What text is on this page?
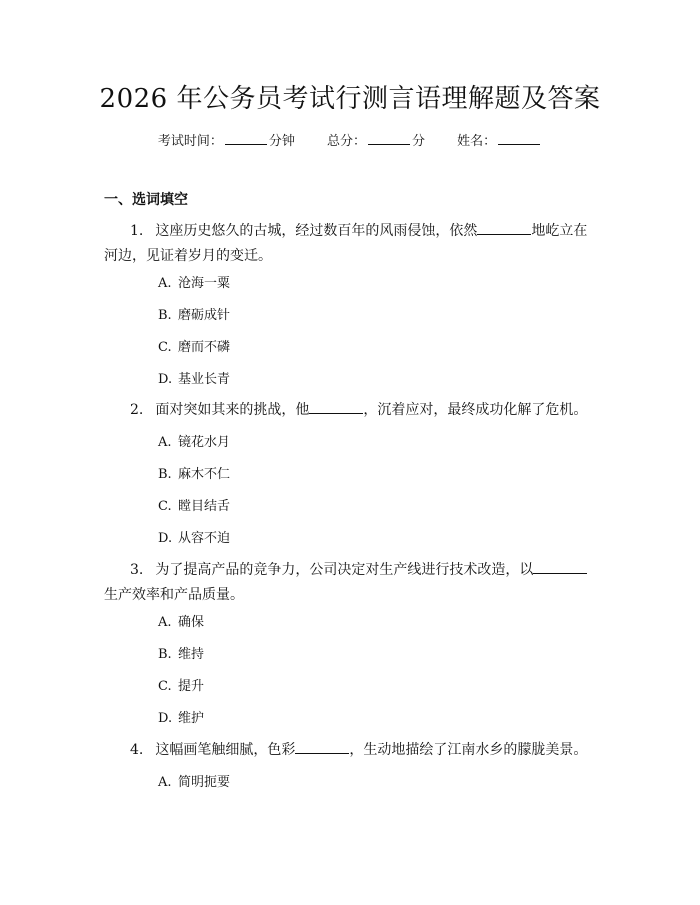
2026 年公务员考试行测言语理解题及答案
考试时间：	分钟 总分：	分 姓名：
一、选词填空
1. 这座历史悠久的古城，经过数百年的风雨侵蚀，依然	地屹立在河边，见证着岁月的变迁。
A. 沧海一粟
B. 磨砺成针
C. 磨而不磷
D. 基业长青
2. 面对突如其来的挑战，他	，沉着应对，最终成功化解了危机。
A. 镜花水月
B. 麻木不仁
C. 瞠目结舌
D. 从容不迫
3. 为了提高产品的竞争力，公司决定对生产线进行技术改造，以生产效率和产品质量。
A. 确保
B. 维持
C. 提升
D. 维护
4. 这幅画笔触细腻，色彩	，生动地描绘了江南水乡的朦胧美景。
A. 简明扼要
